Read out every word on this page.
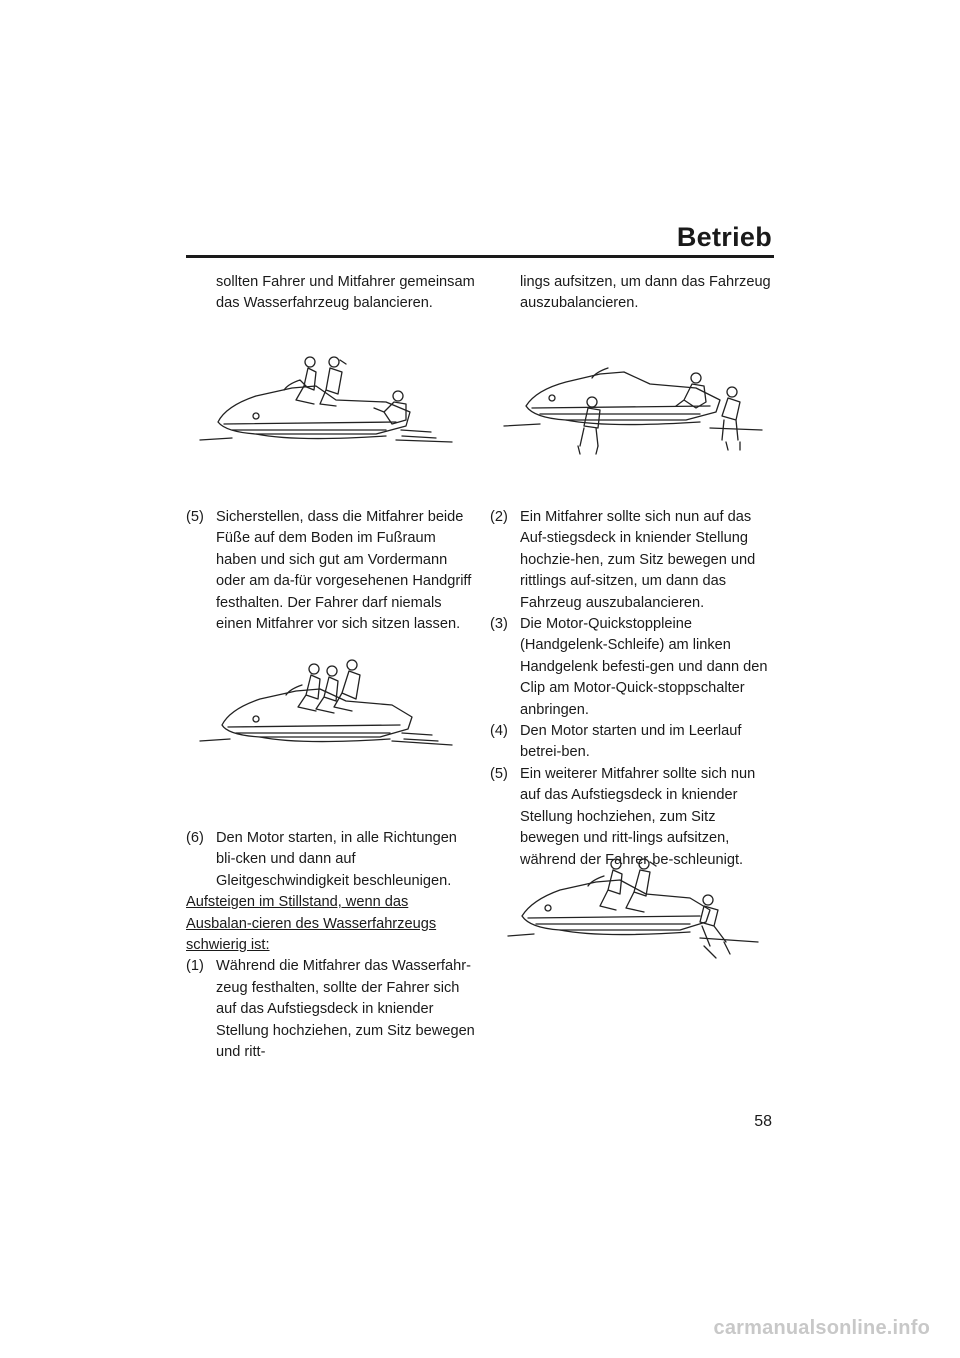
Betrieb

sollten Fahrer und Mitfahrer gemeinsam das Wasserfahrzeug balancieren.

(5) Sicherstellen, dass die Mitfahrer beide Füße auf dem Boden im Fußraum haben und sich gut am Vordermann oder am da-für vorgesehenen Handgriff festhalten. Der Fahrer darf niemals einen Mitfahrer vor sich sitzen lassen.

(6) Den Motor starten, in alle Richtungen bli-cken und dann auf Gleitgeschwindigkeit beschleunigen.

Aufsteigen im Stillstand, wenn das Ausbalan-cieren des Wasserfahrzeugs schwierig ist:

(1) Während die Mitfahrer das Wasserfahr-zeug festhalten, sollte der Fahrer sich auf das Aufstiegsdeck in kniender Stellung hochziehen, zum Sitz bewegen und ritt-

lings aufsitzen, um dann das Fahrzeug auszubalancieren.

(2) Ein Mitfahrer sollte sich nun auf das Auf-stiegsdeck in kniender Stellung hochzie-hen, zum Sitz bewegen und rittlings auf-sitzen, um dann das Fahrzeug auszubalancieren.

(3) Die Motor-Quickstoppleine (Handgelenk-Schleife) am linken Handgelenk befesti-gen und dann den Clip am Motor-Quick-stoppschalter anbringen.

(4) Den Motor starten und im Leerlauf betrei-ben.

(5) Ein weiterer Mitfahrer sollte sich nun auf das Aufstiegsdeck in kniender Stellung hochziehen, zum Sitz bewegen und ritt-lings aufsitzen, während der Fahrer be-schleunigt.

58
carmanualsonline.info
